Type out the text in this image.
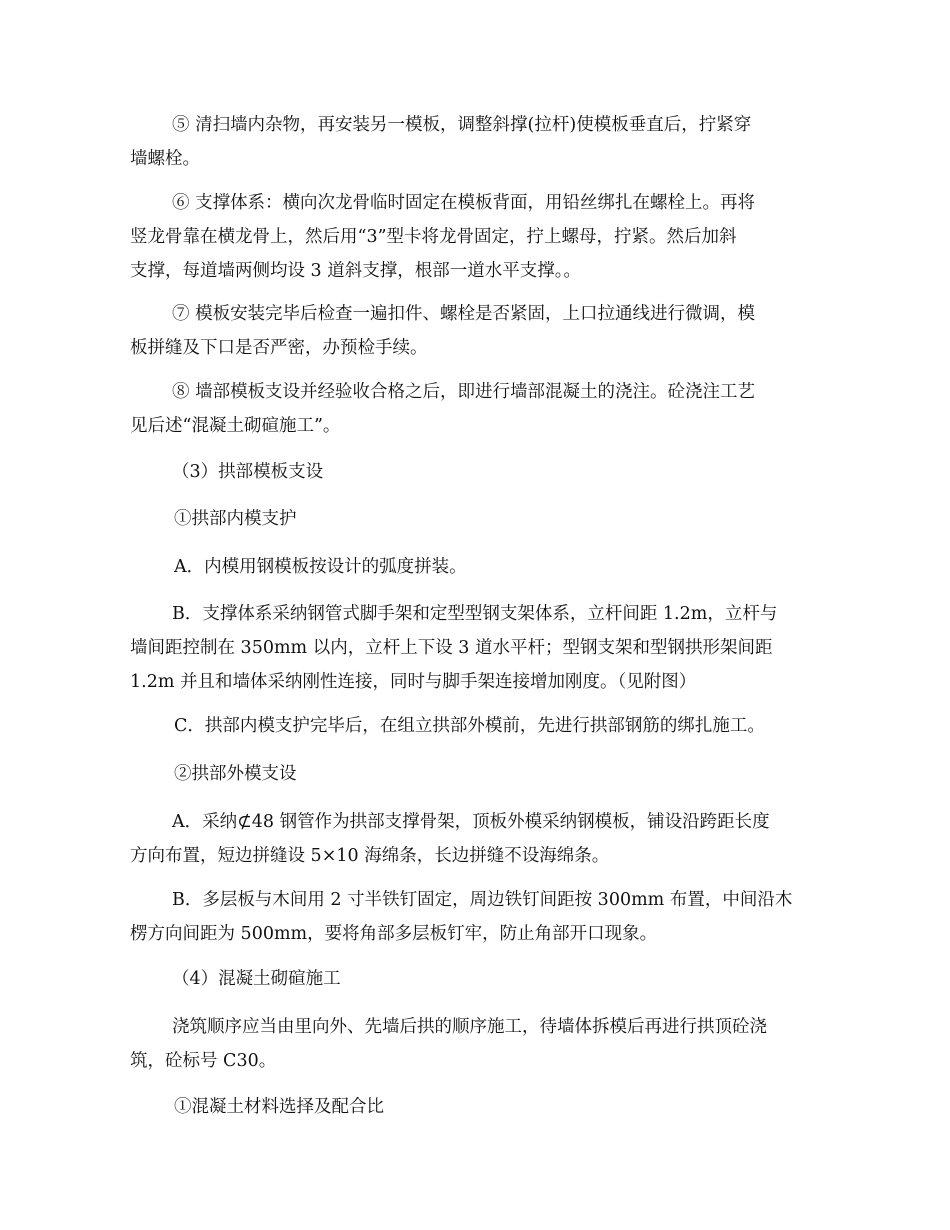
⑤ 清扫墙内杂物，再安装另一模板，调整斜撑(拉杆)使模板垂直后，拧紧穿
墙螺栓。
⑥ 支撑体系：横向次龙骨临时固定在模板背面，用铅丝绑扎在螺栓上。再将
竖龙骨靠在横龙骨上，然后用“3”型卡将龙骨固定，拧上螺母，拧紧。然后加斜
支撑，每道墙两侧均设 3 道斜支撑，根部一道水平支撑。。
⑦ 模板安装完毕后检查一遍扣件、螺栓是否紧固，上口拉通线进行微调，模
板拼缝及下口是否严密，办预检手续。
⑧ 墙部模板支设并经验收合格之后，即进行墙部混凝土的浇注。砼浇注工艺
见后述“混凝土砌碹施工”。
（3）拱部模板支设
①拱部内模支护
A．内模用钢模板按设计的弧度拼装。
B．支撑体系采纳钢管式脚手架和定型型钢支架体系，立杆间距 1.2m，立杆与
墙间距控制在 350mm 以内，立杆上下设 3 道水平杆；型钢支架和型钢拱形架间距
1.2m 并且和墙体采纳刚性连接，同时与脚手架连接增加刚度。（见附图）
C．拱部内模支护完毕后，在组立拱部外模前，先进行拱部钢筋的绑扎施工。
②拱部外模支设
A．采纳⊄48 钢管作为拱部支撑骨架，顶板外模采纳钢模板，铺设沿跨距长度
方向布置，短边拼缝设 5×10 海绵条，长边拼缝不设海绵条。
B．多层板与木间用 2 寸半铁钉固定，周边铁钉间距按 300mm 布置，中间沿木
楞方向间距为 500mm，要将角部多层板钉牢，防止角部开口现象。
（4）混凝土砌碹施工
浇筑顺序应当由里向外、先墙后拱的顺序施工，待墙体拆模后再进行拱顶砼浇
筑，砼标号 C30。
①混凝土材料选择及配合比
